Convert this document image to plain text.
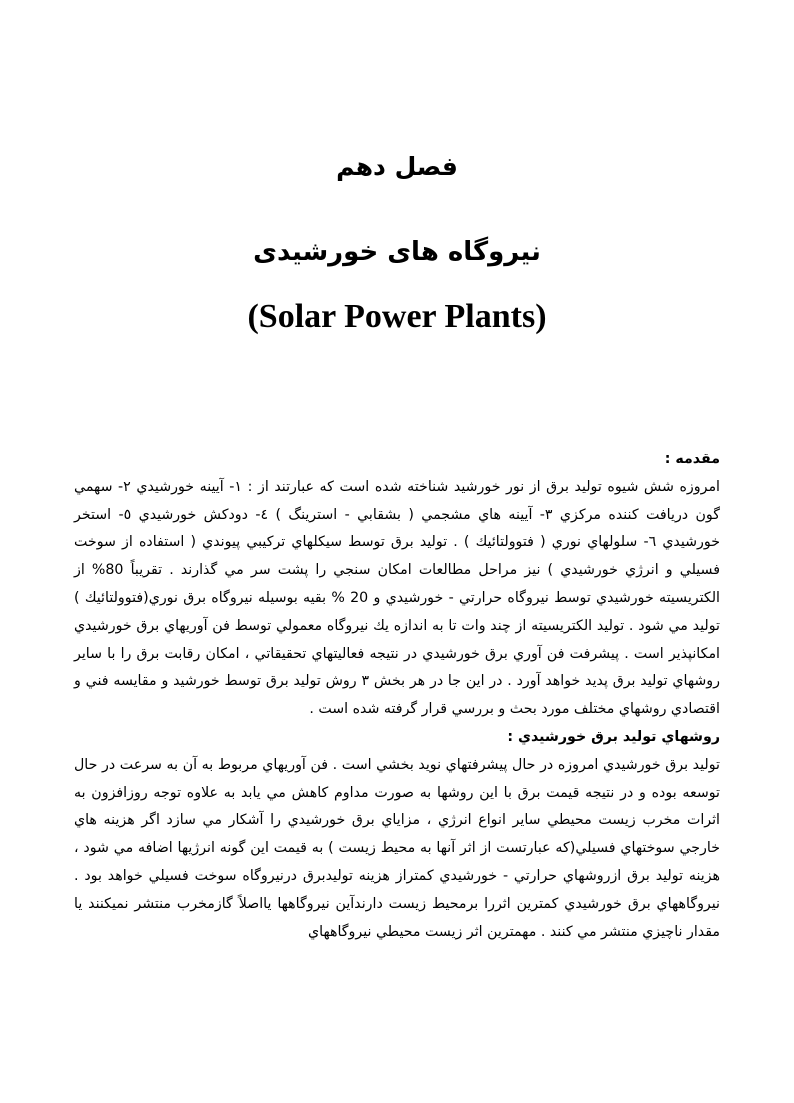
فصل دهم
نيروگاه های خورشيدی
(Solar Power Plants)

مقدمه :

امروزه شش شيوه توليد برق از نور خورشيد شناخته شده است که عبارتند از : ۱- آيينه خورشيدي ۲- سهمي گون دريافت کننده مرکزي ۳- آيينه هاي مشجمي ( بشقابي - استرينگ ) ٤- دودکش خورشيدي ٥- استخر خورشيدي ٦- سلولهاي نوري ( فتوولتائيك ) . توليد برق توسط سيكلهاي تركيبي پيوندي ( استفاده از سوخت فسيلي و انرژي خورشيدي ) نيز مراحل مطالعات امکان سنجي را پشت سر مي گذارند . تقريباً 80% از الكتريسيته خورشيدي توسط نيروگاه حرارتي - خورشيدي و 20 % بقيه بوسيله نيروگاه برق نوري(فتوولتائيك ) توليد مي شود . توليد الكتريسيته از چند وات تا به اندازه يك نيروگاه معمولي توسط فن آوريهاي برق خورشيدي امكانپذير است . پيشرفت فن آوري برق خورشيدي در نتيجه فعاليتهاي تحقيقاتي ، امكان رقابت برق را با ساير روشهاي توليد برق پديد خواهد آورد . در اين جا در هر بخش ۳ روش توليد برق توسط خورشيد و مقايسه فني و اقتصادي روشهاي مختلف مورد بحث و بررسي قرار گرفته شده است .

روشهاي توليد برق خورشيدي :

توليد برق خورشيدي امروزه در حال پيشرفتهاي نويد بخشي است . فن آوريهاي مربوط به آن به سرعت در حال توسعه بوده و در نتيجه قيمت برق با اين روشها به صورت مداوم کاهش مي يابد به علاوه توجه روزافزون به اثرات مخرب زيست محيطي ساير انواع انرژي ، مزاياي برق خورشيدي را آشکار مي سازد اگر هزينه هاي خارجي سوختهاي فسيلي(که عبارتست از اثر آنها به محيط زيست ) به قيمت اين گونه انرژيها اضافه مي شود ، هزينه توليد برق ازروشهاي حرارتي - خورشيدي كمتراز هزينه توليدبرق درنيروگاه سوخت فسيلي خواهد بود . نيروگاههاي برق خورشيدي کمترين اثررا برمحيط زيست دارندآين نيروگاهها يااصلاً گازمخرب منتشر نميکنند يا مقدار ناچيزي منتشر مي کنند . مهمترين اثر زيست محيطي نيروگاههاي
